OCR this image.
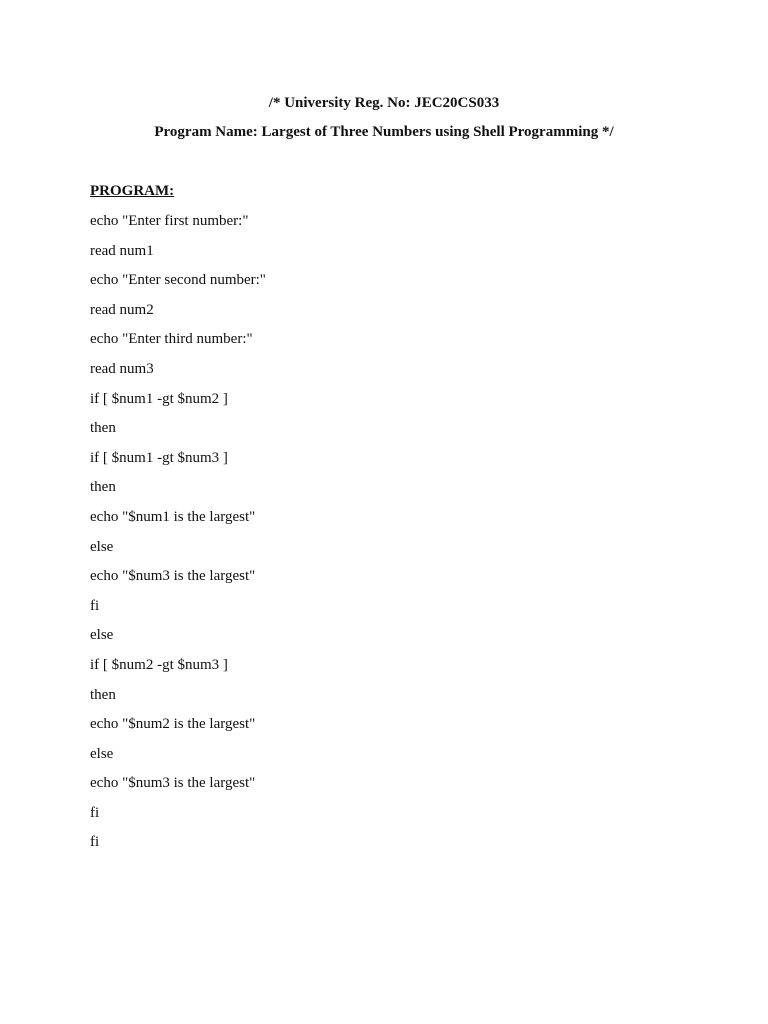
/* University Reg. No: JEC20CS033
Program Name: Largest of Three Numbers using Shell Programming */
PROGRAM:
echo "Enter first number:"
read num1
echo "Enter second number:"
read num2
echo "Enter third number:"
read num3
if [ $num1 -gt $num2 ]
then
if [ $num1 -gt $num3 ]
then
echo "$num1 is the largest"
else
echo "$num3 is the largest"
fi
else
if [ $num2 -gt $num3 ]
then
echo "$num2 is the largest"
else
echo "$num3 is the largest"
fi
fi
